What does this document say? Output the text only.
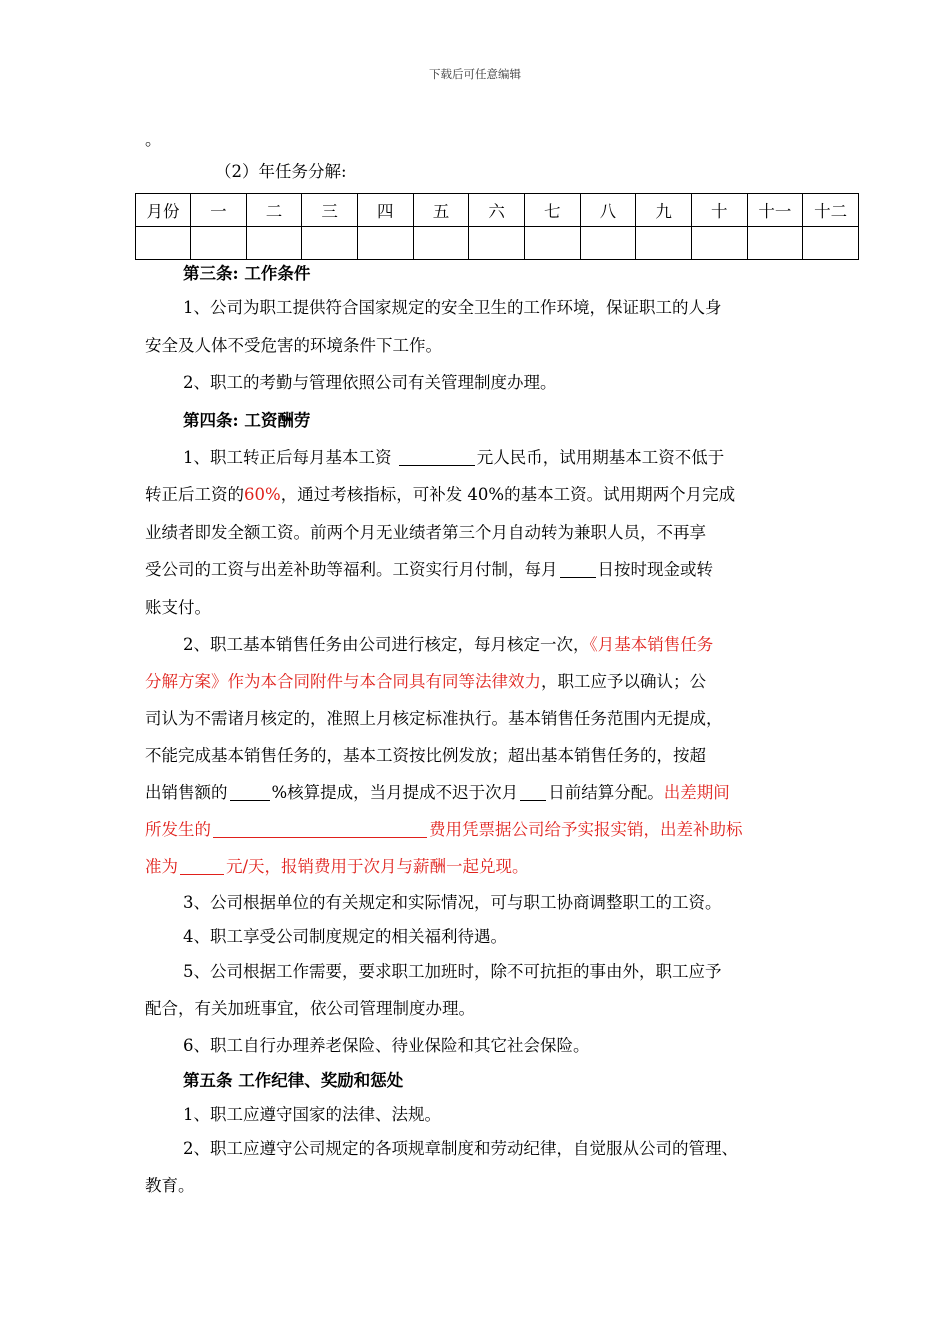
下载后可任意编辑
。
（2）年任务分解:
月份	一	二	三	四	五	六	七	八	九	十	十一	十二

第三条: 工作条件
1、公司为职工提供符合国家规定的安全卫生的工作环境，保证职工的人身
安全及人体不受危害的环境条件下工作。
2、职工的考勤与管理依照公司有关管理制度办理。
第四条: 工资酬劳
1、职工转正后每月基本工资	元人民币，试用期基本工资不低于
转正后工资的60%，通过考核指标，可补发 40%的基本工资。试用期两个月完成
业绩者即发全额工资。前两个月无业绩者第三个月自动转为兼职人员，不再享
受公司的工资与出差补助等福利。工资实行月付制，每月 日按时现金或转
账支付。
2、职工基本销售任务由公司进行核定，每月核定一次，《月基本销售任务
分解方案》作为本合同附件与本合同具有同等法律效力，职工应予以确认；公
司认为不需诸月核定的，准照上月核定标准执行。基本销售任务范围内无提成，
不能完成基本销售任务的，基本工资按比例发放；超出基本销售任务的，按超
出销售额的	%核算提成，当月提成不迟于次月 日前结算分配。出差期间
所发生的	费用凭票据公司给予实报实销，出差补助标
准为	元/天，报销费用于次月与薪酬一起兑现。
3、公司根据单位的有关规定和实际情况，可与职工协商调整职工的工资。
4、职工享受公司制度规定的相关福利待遇。
5、公司根据工作需要，要求职工加班时，除不可抗拒的事由外，职工应予
配合，有关加班事宜，依公司管理制度办理。
6、职工自行办理养老保险、待业保险和其它社会保险。
第五条 工作纪律、奖励和惩处
1、职工应遵守国家的法律、法规。
2、职工应遵守公司规定的各项规章制度和劳动纪律，自觉服从公司的管理、
教育。
